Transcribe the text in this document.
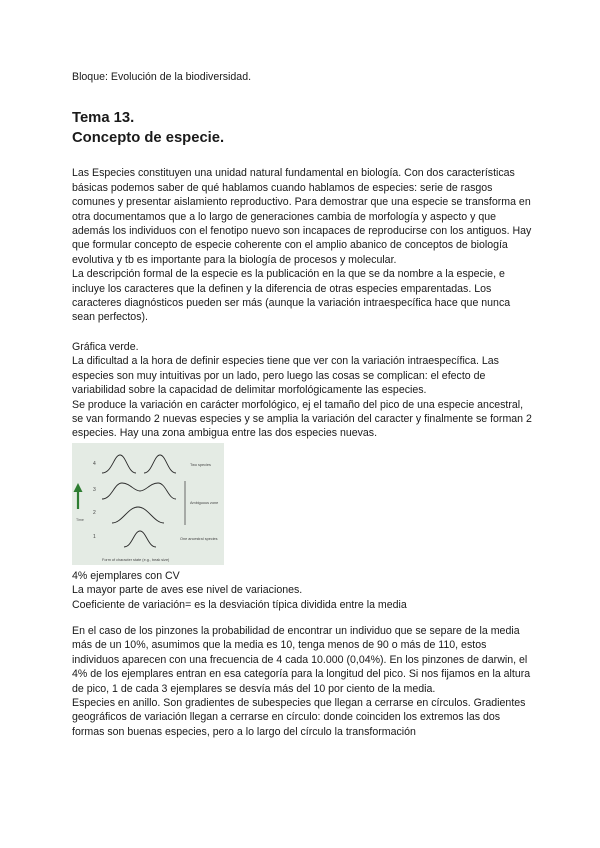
Bloque: Evolución de la biodiversidad.

Tema 13.

Concepto de especie.

Las Especies constituyen una unidad natural fundamental en biología. Con dos características básicas podemos saber de qué hablamos cuando hablamos de especies: serie de rasgos comunes y presentar aislamiento reproductivo. Para demostrar que una especie se transforma en otra documentamos que a lo largo de generaciones cambia de morfología y aspecto y que además los individuos con el fenotipo nuevo son incapaces de reproducirse con los antiguos. Hay que formular concepto de especie coherente con el amplio abanico de conceptos de biología evolutiva y tb es importante para la biología de procesos y molecular.

La descripción formal de la especie es la publicación en la que se da nombre a la especie, e incluye los caracteres que la definen y la diferencia de otras especies emparentadas. Los caracteres diagnósticos pueden ser más (aunque la variación intraespecífica hace que nunca sean perfectos).

Gráfica verde.

La dificultad a la hora de definir especies tiene que ver con la variación intraespecífica. Las especies son muy intuitivas por un lado, pero luego las cosas se complican: el efecto de variabilidad sobre la capacidad de delimitar morfológicamente las especies.

Se produce la variación en carácter morfológico, ej el tamaño del pico de una especie ancestral, se van formando 2 nuevas especies y se amplia la variación del caracter y finalmente se forman 2 especies. Hay una zona ambigua entre las dos especies nuevas.

4
3
2
1
Time
Two species
Ambiguous zone
One ancestral species
Form of character state (e.g., beak size)

4% ejemplares con CV

La mayor parte de aves ese nivel de variaciones.

Coeficiente de variación= es la desviación típica dividida entre la media

En el caso de los pinzones la probabilidad de encontrar un individuo que se separe de la media más de un 10%, asumimos que la media es 10, tenga menos de 90 o más de 110, estos individuos aparecen con una frecuencia de 4 cada 10.000 (0,04%). En los pinzones de darwin, el 4% de los ejemplares entran en esa categoría para la longitud del pico. Si nos fijamos en la altura de pico, 1 de cada 3 ejemplares se desvía más del 10 por ciento de la media.

Especies en anillo. Son gradientes de subespecies que llegan a cerrarse en círculos. Gradientes geográficos de variación llegan a cerrarse en círculo: donde coinciden los extremos las dos formas son buenas especies, pero a lo largo del círculo la transformación
